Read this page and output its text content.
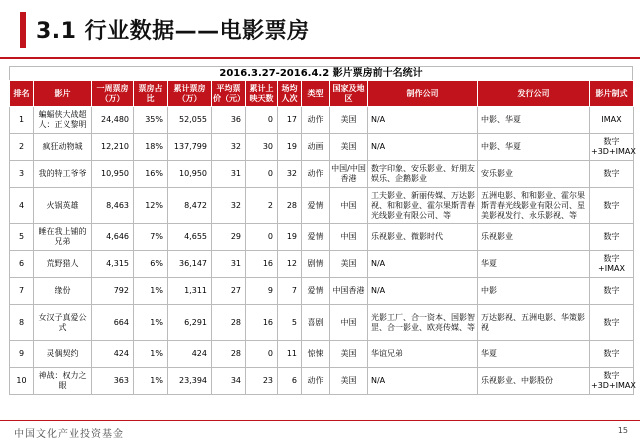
3.1 行业数据——电影票房
2016.3.27-2016.4.2 影片票房前十名统计
排名	影片	一周票房（万）	票房占比	累计票房（万）	平均票价（元）	累计上映天数	场均人次	类型	国家及地区	制作公司	发行公司	影片制式
1	蝙蝠侠大战超人：正义黎明	24,480	35%	52,055	36	0	17	动作	美国	N/A	中影、华夏	IMAX
2	疯狂动物城	12,210	18%	137,799	32	30	19	动画	美国	N/A	中影、华夏	数字+3D+IMAX
3	我的特工爷爷	10,950	16%	10,950	31	0	32	动作	中国/中国香港	数字印象、安乐影业、好朋友娱乐、企鹅影业	安乐影业	数字
4	火锅英雄	8,463	12%	8,472	32	2	28	爱情	中国	工夫影业、新丽传媒、万达影视、和和影业、霍尔果斯青春光线影业有限公司、等	五洲电影、和和影业、霍尔果斯青春光线影业有限公司、星美影视发行、永乐影视、等	数字
5	睡在我上铺的兄弟	4,646	7%	4,655	29	0	19	爱情	中国	乐视影业、微影时代	乐视影业	数字
6	荒野猎人	4,315	6%	36,147	31	16	12	剧情	美国	N/A	华夏	数字+IMAX
7	缘份	792	1%	1,311	27	9	7	爱情	中国香港	N/A	中影	数字
8	女汉子真爱公式	664	1%	6,291	28	16	5	喜剧	中国	光影工厂、合一资本、国影智罡、合一影业、欧亮传媒、等	万达影视、五洲电影、华策影视	数字
9	灵偶契约	424	1%	424	28	0	11	惊悚	美国	华谊兄弟	华夏	数字
10	神战：权力之眼	363	1%	23,394	34	23	6	动作	美国	N/A	乐视影业、中影股份	数字+3D+IMAX
中国文化产业投资基金	15
